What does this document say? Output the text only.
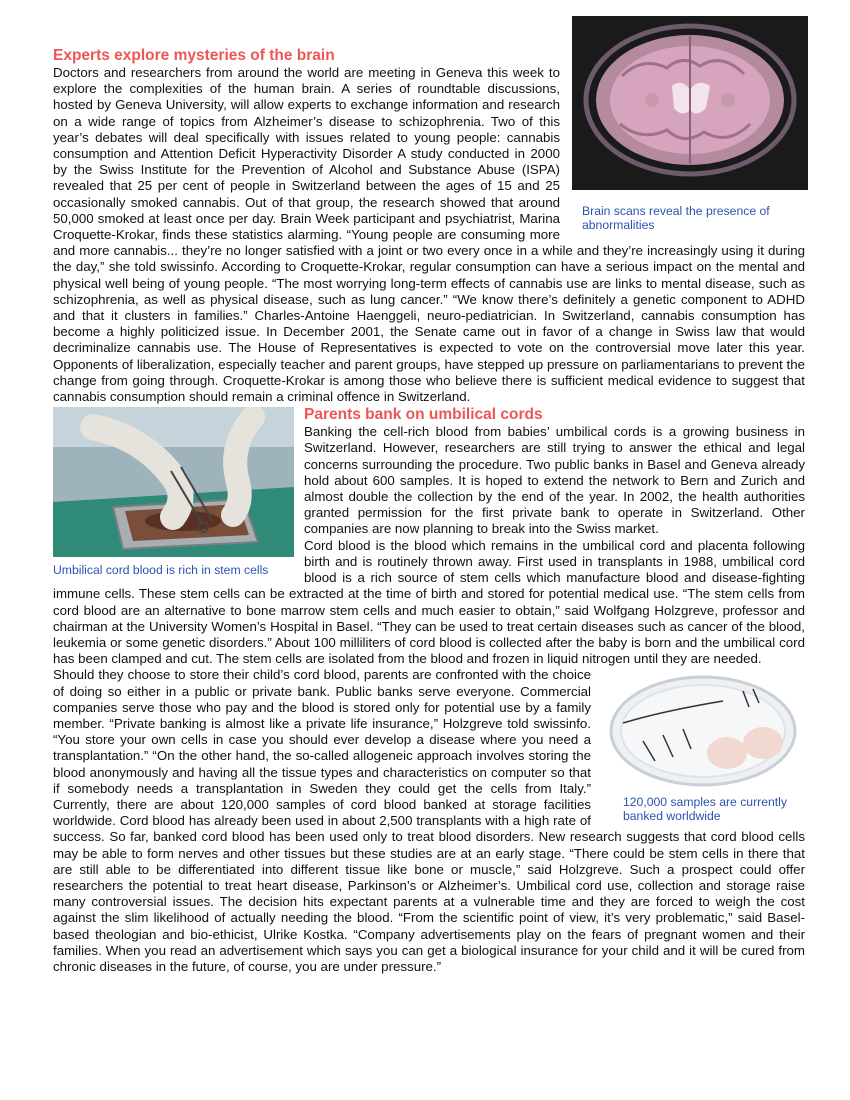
Brain scans reveal the presence of abnormalities
Experts explore mysteries of the brain

Doctors and researchers from around the world are meeting in Geneva this week to explore the complexities of the human brain. A series of roundtable discussions, hosted by Geneva University, will allow experts to exchange information and research on a wide range of topics from Alzheimer’s disease to schizophrenia. Two of this year’s debates will deal specifically with issues related to young people: cannabis consumption and Attention Deficit Hyperactivity Disorder A study conducted in 2000 by the Swiss Institute for the Prevention of Alcohol and Substance Abuse (ISPA) revealed that 25 per cent of people in Switzerland between the ages of 15 and 25 occasionally smoked cannabis. Out of that group, the research showed that around 50,000 smoked at least once per day. Brain Week participant and psychiatrist, Marina Croquette-Krokar, finds these statistics alarming. “Young people are consuming more and more cannabis... they’re no longer satisfied with a joint or two every once in a while and they’re increasingly using it during the day,” she told swissinfo. According to Croquette-Krokar, regular consumption can have a serious impact on the mental and physical well being of young people. “The most worrying long-term effects of cannabis use are links to mental disease, such as schizophrenia, as well as physical disease, such as lung cancer.” “We know there’s definitely a genetic component to ADHD and that it clusters in families.” Charles-Antoine Haenggeli, neuro-pediatrician. In Switzerland, cannabis consumption has become a highly politicized issue. In December 2001, the Senate came out in favor of a change in Swiss law that would decriminalize cannabis use. The House of Representatives is expected to vote on the controversial move later this year. Opponents of liberalization, especially teacher and parent groups, have stepped up pressure on parliamentarians to prevent the change from going through. Croquette-Krokar is among those who believe there is sufficient medical evidence to suggest that cannabis consumption should remain a criminal offence in Switzerland.

Umbilical cord blood is rich in stem cells
Parents bank on umbilical cords

Banking the cell-rich blood from babies’ umbilical cords is a growing business in Switzerland. However, researchers are still trying to answer the ethical and legal concerns surrounding the procedure. Two public banks in Basel and Geneva already hold about 600 samples. It is hoped to extend the network to Bern and Zurich and almost double the collection by the end of the year. In 2002, the health authorities granted permission for the first private bank to operate in Switzerland. Other companies are now planning to break into the Swiss market.

Cord blood is the blood which remains in the umbilical cord and placenta following birth and is routinely thrown away. First used in transplants in 1988, umbilical cord blood is a rich source of stem cells which manufacture blood and disease-fighting immune cells. These stem cells can be extracted at the time of birth and stored for potential medical use. “The stem cells from cord blood are an alternative to bone marrow stem cells and much easier to obtain,” said Wolfgang Holzgreve, professor and chairman at the University Women’s Hospital in Basel. “They can be used to treat certain diseases such as cancer of the blood, leukemia or some genetic disorders.” About 100 milliliters of cord blood is collected after the baby is born and the umbilical cord has been clamped and cut. The stem cells are isolated from the blood and frozen in liquid nitrogen until they are needed.

120,000 samples are currently banked worldwide

Should they choose to store their child’s cord blood, parents are confronted with the choice of doing so either in a public or private bank. Public banks serve everyone. Commercial companies serve those who pay and the blood is stored only for potential use by a family member. “Private banking is almost like a private life insurance,” Holzgreve told swissinfo. “You store your own cells in case you should ever develop a disease where you need a transplantation.” “On the other hand, the so-called allogeneic approach involves storing the blood anonymously and having all the tissue types and characteristics on computer so that if somebody needs a transplantation in Sweden they could get the cells from Italy.” Currently, there are about 120,000 samples of cord blood banked at storage facilities worldwide. Cord blood has already been used in about 2,500 transplants with a high rate of success. So far, banked cord blood has been used only to treat blood disorders. New research suggests that cord blood cells may be able to form nerves and other tissues but these studies are at an early stage. “There could be stem cells in there that are still able to be differentiated into different tissue like bone or muscle,” said Holzgreve. Such a prospect could offer researchers the potential to treat heart disease, Parkinson’s or Alzheimer’s. Umbilical cord use, collection and storage raise many controversial issues. The decision hits expectant parents at a vulnerable time and they are forced to weigh the cost against the slim likelihood of actually needing the blood. “From the scientific point of view, it’s very problematic,” said Basel-based theologian and bio-ethicist, Ulrike Kostka. “Company advertisements play on the fears of pregnant women and their families. When you read an advertisement which says you can get a biological insurance for your child and it will be cured from chronic diseases in the future, of course, you are under pressure.”
